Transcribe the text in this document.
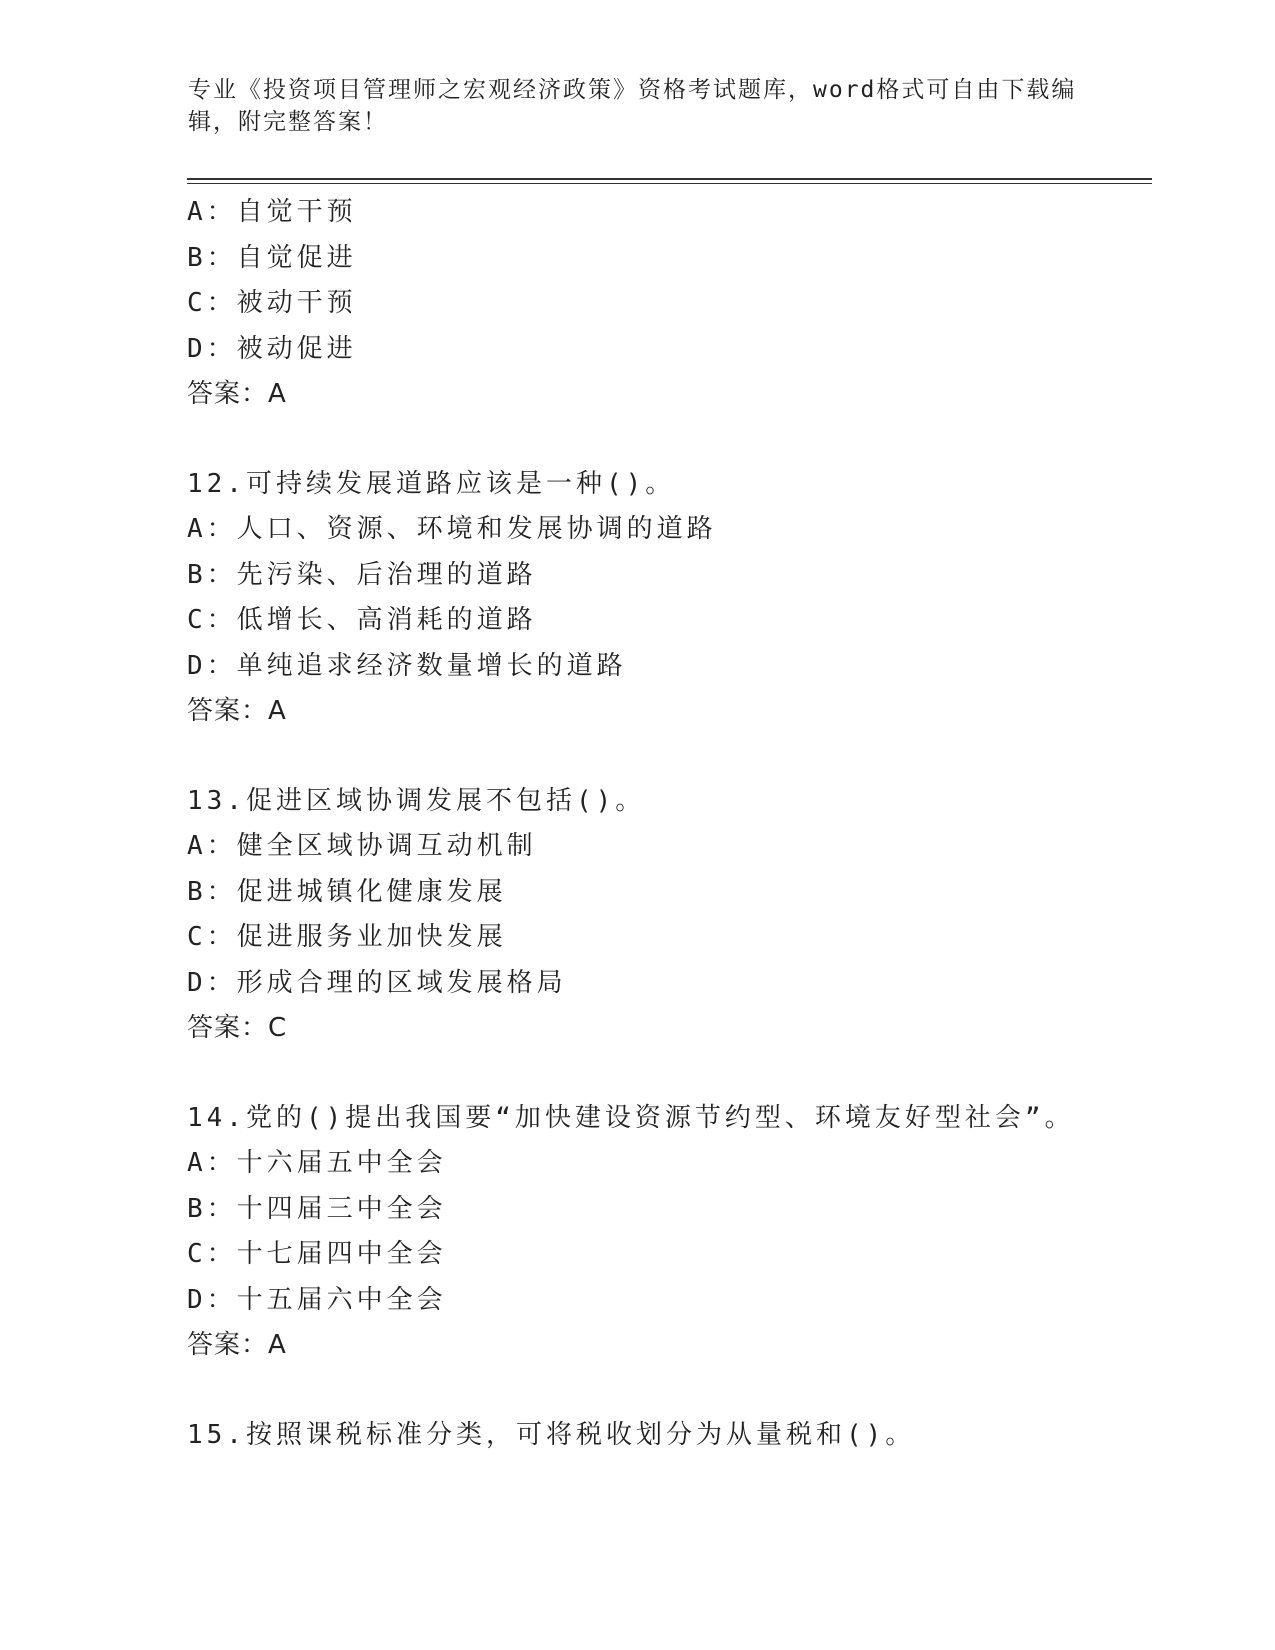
专业《投资项目管理师之宏观经济政策》资格考试题库，word格式可自由下载编
辑，附完整答案！
A：自觉干预
B：自觉促进
C：被动干预
D：被动促进
答案：A
12.可持续发展道路应该是一种()。
A：人口、资源、环境和发展协调的道路
B：先污染、后治理的道路
C：低增长、高消耗的道路
D：单纯追求经济数量增长的道路
答案：A
13.促进区域协调发展不包括()。
A：健全区域协调互动机制
B：促进城镇化健康发展
C：促进服务业加快发展
D：形成合理的区域发展格局
答案：C
14.党的()提出我国要“加快建设资源节约型、环境友好型社会”。
A：十六届五中全会
B：十四届三中全会
C：十七届四中全会
D：十五届六中全会
答案：A
15.按照课税标准分类，可将税收划分为从量税和()。
